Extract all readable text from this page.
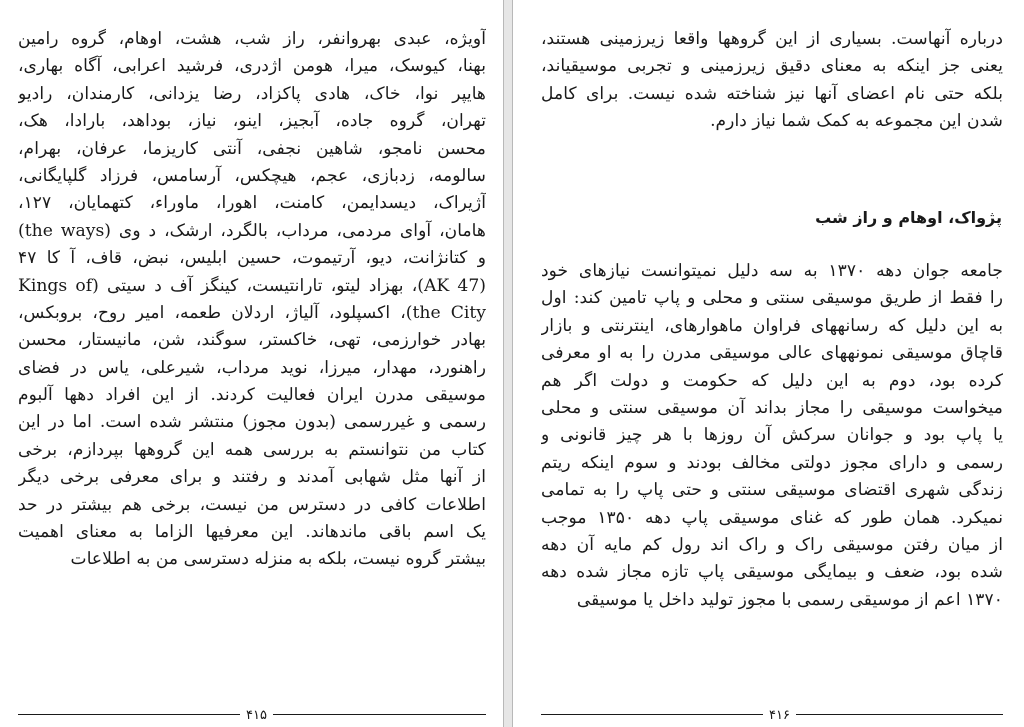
آویژه، عبدی بهروانفر، راز شب، هشت، اوهام، گروه رامین
بهنا، کیوسک، میرا، هومن اژدری، فرشید اعرابی، آگاه بهاری،
هایپر نوا، خاک، هادی پاکزاد، رضا یزدانی، کارمندان، رادیو
تهران، گروه جاده، آبجیز، اینو، نیاز، بوداهد، بارادا، هک،
محسن نامجو، شاهین نجفی، آنتی کاریزما، عرفان، بهرام،
سالومه، زدبازی، عجم، هیچکس، آرسامس، فرزاد گلپایگانی،
آژیراک، دیسدایمن، کامنت، اهورا، ماوراء، کتهمایان، ۱۲۷،
هامان، آوای مردمی، مرداب، بالگرد، ارشک، د وی (the ways)
و کتانژانت، دیو، آرتیموت، حسین ابلیس، نبض، قاف، آ کا ۴۷
(AK 47)، بهزاد لیتو، تارانتیست، کینگز آف د سیتی (Kings of
the City)، اکسپلود، آلیاژ، اردلان طعمه، امیر روح، بروبکس،
بهادر خوارزمی، تهی، خاکستر، سوگند، شن، مانیستار، محسن
راهنورد، مهدار، میرزا، نوید مرداب، شیرعلی، یاس در فضای
موسیقی مدرن ایران فعالیت کردند. از این افراد دهها آلبوم
رسمی و غیررسمی (بدون مجوز) منتشر شده است. اما در این
کتاب من نتوانستم به بررسی همه این گروهها بپردازم، برخی
از آنها مثل شهابی آمدند و رفتند و برای معرفی برخی دیگر
اطلاعات کافی در دسترس من نیست، برخی هم بیشتر در حد
یک اسم باقی ماندهاند. این معرفیها الزاما به معنای اهمیت
بیشتر گروه نیست، بلکه به منزله دسترسی من به اطلاعات
۴۱۵
درباره آنهاست. بسیاری از این گروهها واقعا زیرزمینی هستند،
یعنی جز اینکه به معنای دقیق زیرزمینی و تجربی موسیقیاند،
بلکه حتی نام اعضای آنها نیز شناخته شده نیست. برای کامل
شدن این مجموعه به کمک شما نیاز دارم.
پژواک، اوهام و راز شب
جامعه جوان دهه ۱۳۷۰ به سه دلیل نمیتوانست نیازهای خود
را فقط از طریق موسیقی سنتی و محلی و پاپ تامین کند: اول
به این دلیل که رسانههای فراوان ماهوارهای، اینترنتی و بازار
قاچاق موسیقی نمونههای عالی موسیقی مدرن را به او معرفی
کرده بود، دوم به این دلیل که حکومت و دولت اگر هم
میخواست موسیقی را مجاز بداند آن موسیقی سنتی و محلی
یا پاپ بود و جوانان سرکش آن روزها با هر چیز قانونی و
رسمی و دارای مجوز دولتی مخالف بودند و سوم اینکه ریتم
زندگی شهری اقتضای موسیقی سنتی و حتی پاپ را به تمامی
نمیکرد. همان طور که غنای موسیقی پاپ دهه ۱۳۵۰ موجب
از میان رفتن موسیقی راک و راک اند رول کم مایه آن دهه
شده بود، ضعف و بیمایگی موسیقی پاپ تازه مجاز شده دهه
۱۳۷۰ اعم از موسیقی رسمی با مجوز تولید داخل یا موسیقی
۴۱۶
